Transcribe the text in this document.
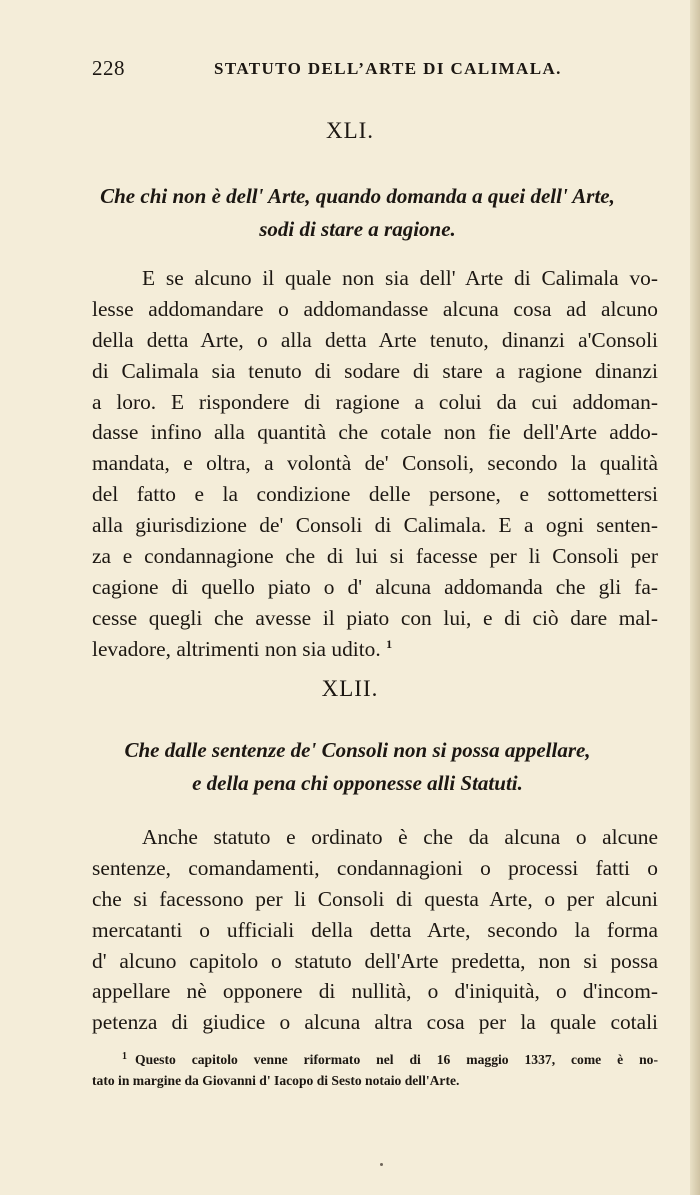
228	STATUTO DELL’ARTE DI CALIMALA.
XLI.
Che chi non è dell' Arte, quando domanda a quei dell' Arte,
sodi di stare a ragione.
E se alcuno il quale non sia dell' Arte di Calimala vo-
lesse addomandare o addomandasse alcuna cosa ad alcuno
della detta Arte, o alla detta Arte tenuto, dinanzi a'Consoli
di Calimala sia tenuto di sodare di stare a ragione dinanzi
a loro. E rispondere di ragione a colui da cui addoman-
dasse infino alla quantità che cotale non fie dell'Arte addo-
mandata, e oltra, a volontà de' Consoli, secondo la qualità
del fatto e la condizione delle persone, e sottomettersi
alla giurisdizione de' Consoli di Calimala. E a ogni senten-
za e condannagione che di lui si facesse per li Consoli per
cagione di quello piato o d' alcuna addomanda che gli fa-
cesse quegli che avesse il piato con lui, e di ciò dare mal-
levadore, altrimenti non sia udito. $^1$
XLII.
Che dalle sentenze de' Consoli non si possa appellare,
e della pena chi opponesse alli Statuti.
Anche statuto e ordinato è che da alcuna o alcune
sentenze, comandamenti, condannagioni o processi fatti o
che si facessono per li Consoli di questa Arte, o per alcuni
mercatanti o ufficiali della detta Arte, secondo la forma
d' alcuno capitolo o statuto dell'Arte predetta, non si possa
appellare nè opponere di nullità, o d'iniquità, o d'incom-
petenza di giudice o alcuna altra cosa per la quale cotali
$^1$ Questo capitolo venne riformato nel di 16 maggio 1337, come è no-
tato in margine da Giovanni d' Iacopo di Sesto notaio dell'Arte.
